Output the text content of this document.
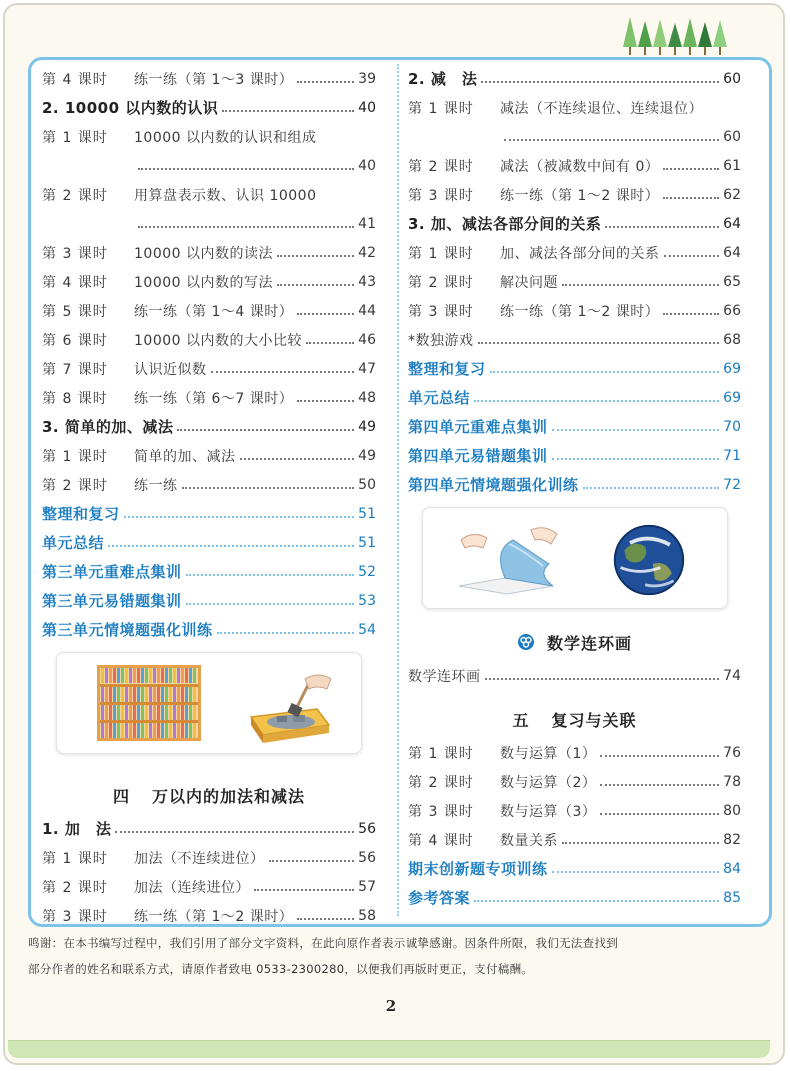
第 4 课时	练一练（第 1～3 课时）	39
2. 10000 以内数的认识	40
第 1 课时	10000 以内数的认识和组成
40
第 2 课时	用算盘表示数、认识 10000
41
第 3 课时	10000 以内数的读法	42
第 4 课时	10000 以内数的写法	43
第 5 课时	练一练（第 1～4 课时）	44
第 6 课时	10000 以内数的大小比较	46
第 7 课时	认识近似数	47
第 8 课时	练一练（第 6～7 课时）	48
3. 简单的加、减法	49
第 1 课时	简单的加、减法	49
第 2 课时	练一练	50
整理和复习	51
单元总结	51
第三单元重难点集训	52
第三单元易错题集训	53
第三单元情境题强化训练	54
四 万以内的加法和减法
1. 加　法	56
第 1 课时	加法（不连续进位）	56
第 2 课时	加法（连续进位）	57
第 3 课时	练一练（第 1～2 课时）	58
2. 减　法	60
第 1 课时	减法（不连续退位、连续退位）
60
第 2 课时	减法（被减数中间有 0）	61
第 3 课时	练一练（第 1～2 课时）	62
3. 加、减法各部分间的关系	64
第 1 课时	加、减法各部分间的关系	64
第 2 课时	解决问题	65
第 3 课时	练一练（第 1～2 课时）	66
*数独游戏	68
整理和复习	69
单元总结	69
第四单元重难点集训	70
第四单元易错题集训	71
第四单元情境题强化训练	72
数学连环画
数学连环画	74
五 复习与关联
第 1 课时	数与运算（1）	76
第 2 课时	数与运算（2）	78
第 3 课时	数与运算（3）	80
第 4 课时	数量关系	82
期末创新题专项训练	84
参考答案	85
鸣谢：在本书编写过程中，我们引用了部分文字资料，在此向原作者表示诚挚感谢。因条件所限，我们无法查找到
部分作者的姓名和联系方式，请原作者致电 0533-2300280，以便我们再版时更正，支付稿酬。
2
